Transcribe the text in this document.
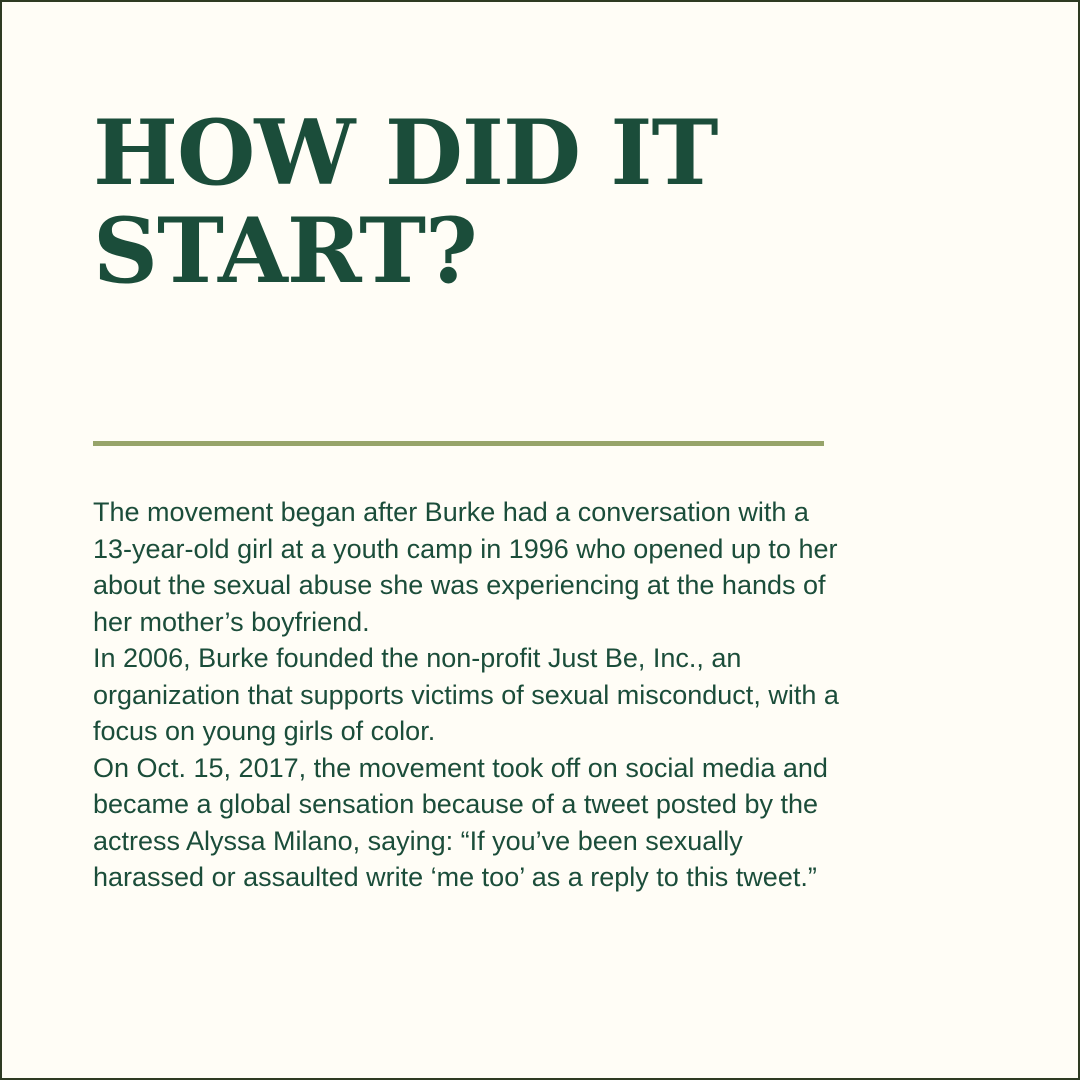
HOW DID IT
START?

The movement began after Burke had a conversation with a 13-year-old girl at a youth camp in 1996 who opened up to her about the sexual abuse she was experiencing at the hands of her mother’s boyfriend.

In 2006, Burke founded the non-profit Just Be, Inc., an organization that supports victims of sexual misconduct, with a focus on young girls of color.

On Oct. 15, 2017, the movement took off on social media and became a global sensation because of a tweet posted by the actress Alyssa Milano, saying: “If you’ve been sexually harassed or assaulted write ‘me too’ as a reply to this tweet.”
